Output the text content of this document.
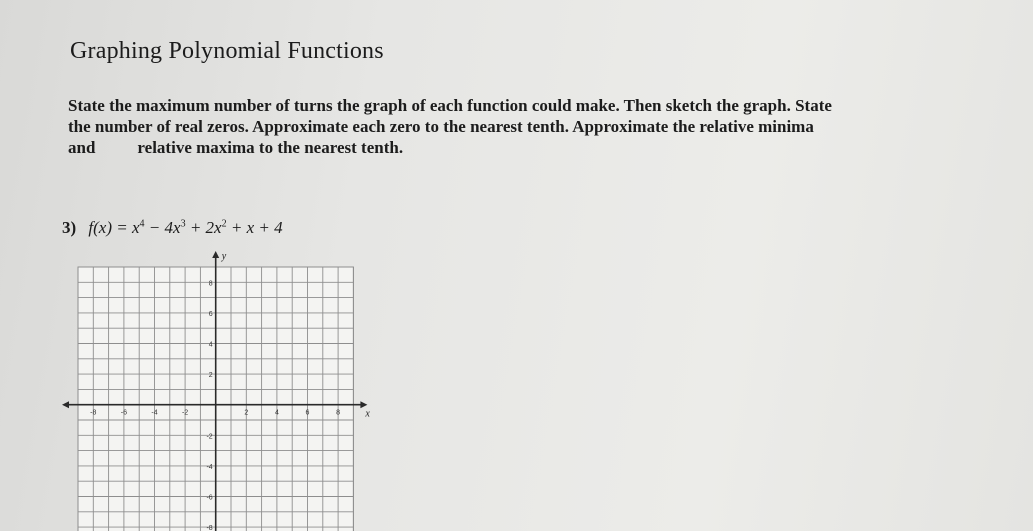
Graphing Polynomial Functions
State the maximum number of turns the graph of each function could make. Then sketch the graph. State
the number of real zeros. Approximate each zero to the nearest tenth. Approximate the relative minima
and relative maxima to the nearest tenth.
3) $f(x) = x^4 - 4x^3 + 2x^2 + x + 4$
x
y
-8	-6	-4	-2	2	4	6	8
8
6
4
2
-2
-4
-6
-8
